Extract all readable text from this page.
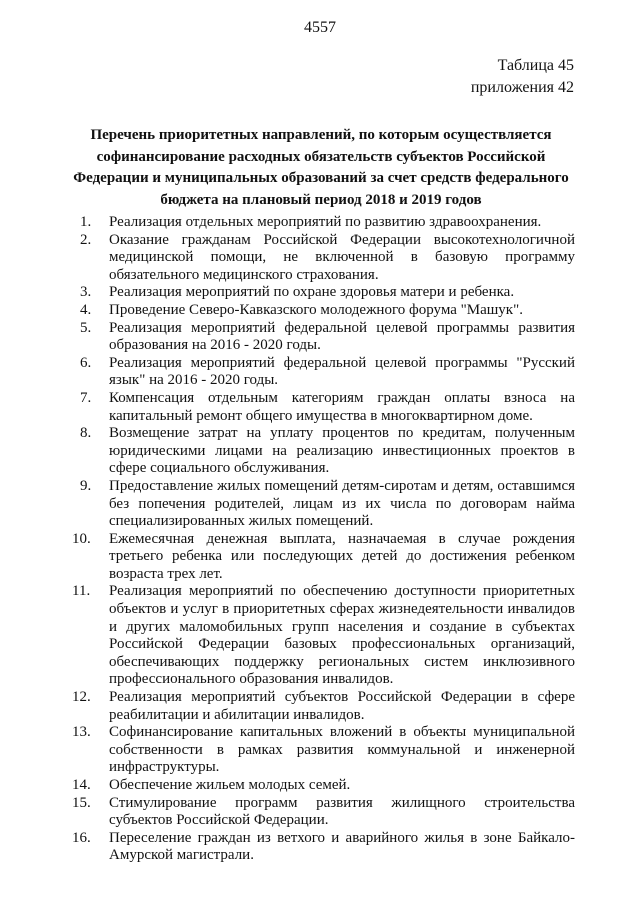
4557
Таблица 45
приложения 42
Перечень приоритетных направлений, по которым осуществляется софинансирование расходных обязательств субъектов Российской Федерации и муниципальных образований за счет средств федерального бюджета на плановый период 2018 и 2019 годов
1. Реализация отдельных мероприятий по развитию здравоохранения.
2. Оказание гражданам Российской Федерации высокотехнологичной медицинской помощи, не включенной в базовую программу обязательного медицинского страхования.
3. Реализация мероприятий по охране здоровья матери и ребенка.
4. Проведение Северо-Кавказского молодежного форума "Машук".
5. Реализация мероприятий федеральной целевой программы развития образования на 2016 - 2020 годы.
6. Реализация мероприятий федеральной целевой программы "Русский язык" на 2016 - 2020 годы.
7. Компенсация отдельным категориям граждан оплаты взноса на капитальный ремонт общего имущества в многоквартирном доме.
8. Возмещение затрат на уплату процентов по кредитам, полученным юридическими лицами на реализацию инвестиционных проектов в сфере социального обслуживания.
9. Предоставление жилых помещений детям-сиротам и детям, оставшимся без попечения родителей, лицам из их числа по договорам найма специализированных жилых помещений.
10. Ежемесячная денежная выплата, назначаемая в случае рождения третьего ребенка или последующих детей до достижения ребенком возраста трех лет.
11. Реализация мероприятий по обеспечению доступности приоритетных объектов и услуг в приоритетных сферах жизнедеятельности инвалидов и других маломобильных групп населения и создание в субъектах Российской Федерации базовых профессиональных организаций, обеспечивающих поддержку региональных систем инклюзивного профессионального образования инвалидов.
12. Реализация мероприятий субъектов Российской Федерации в сфере реабилитации и абилитации инвалидов.
13. Софинансирование капитальных вложений в объекты муниципальной собственности в рамках развития коммунальной и инженерной инфраструктуры.
14. Обеспечение жильем молодых семей.
15. Стимулирование программ развития жилищного строительства субъектов Российской Федерации.
16. Переселение граждан из ветхого и аварийного жилья в зоне Байкало-Амурской магистрали.
